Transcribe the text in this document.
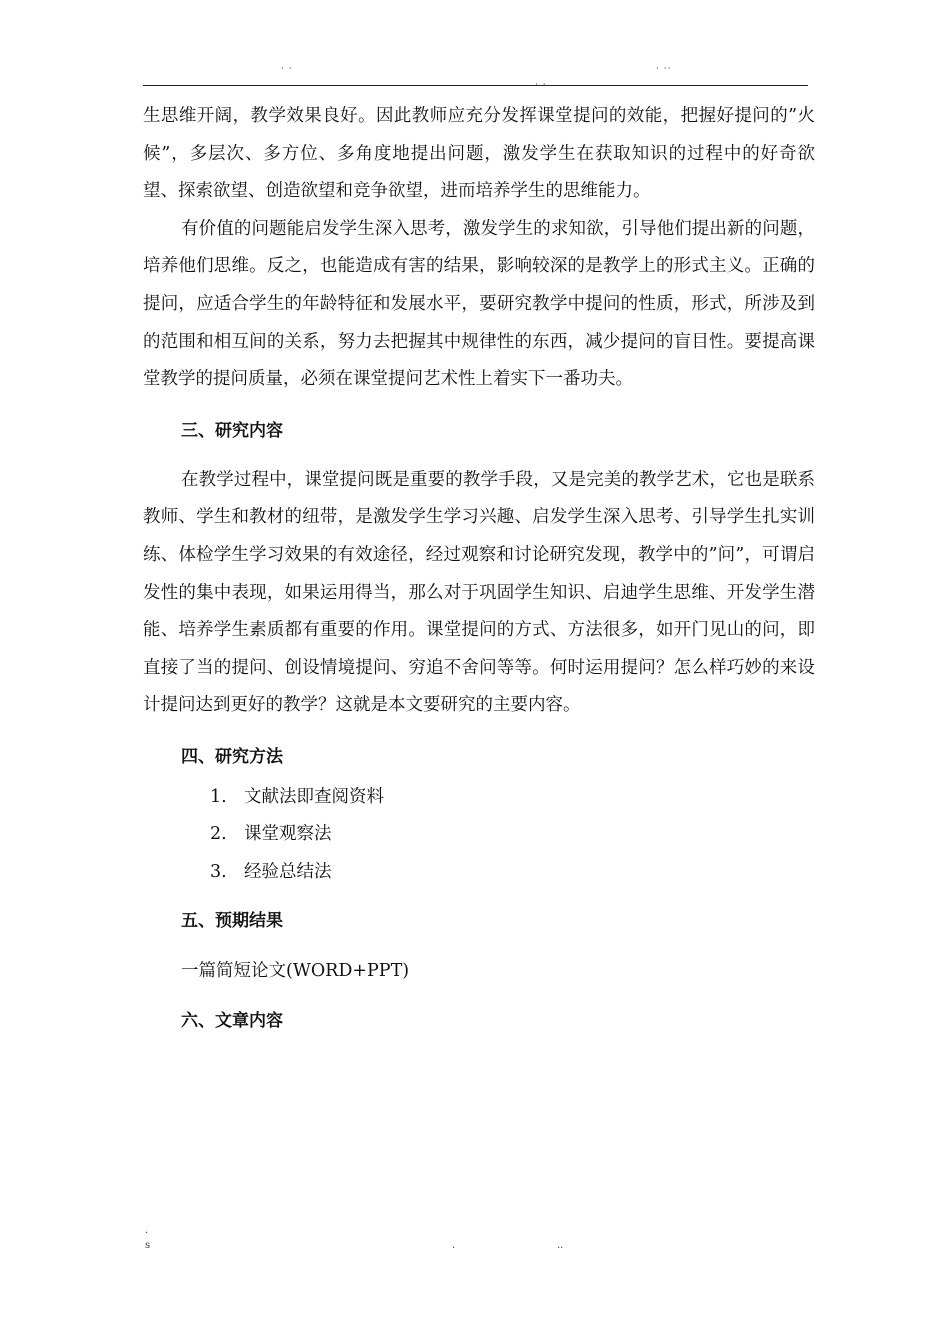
· ·
· ·
· ··

生思维开阔，教学效果良好。因此教师应充分发挥课堂提问的效能，把握好提问的”火候”，多层次、多方位、多角度地提出问题，激发学生在获取知识的过程中的好奇欲望、探索欲望、创造欲望和竞争欲望，进而培养学生的思维能力。

有价值的问题能启发学生深入思考，激发学生的求知欲，引导他们提出新的问题，培养他们思维。反之，也能造成有害的结果，影响较深的是教学上的形式主义。正确的提问，应适合学生的年龄特征和发展水平，要研究教学中提问的性质，形式，所涉及到的范围和相互间的关系，努力去把握其中规律性的东西，减少提问的盲目性。要提高课堂教学的提问质量，必须在课堂提问艺术性上着实下一番功夫。

三、研究内容

在教学过程中，课堂提问既是重要的教学手段，又是完美的教学艺术，它也是联系教师、学生和教材的纽带，是激发学生学习兴趣、启发学生深入思考、引导学生扎实训练、体检学生学习效果的有效途径，经过观察和讨论研究发现，教学中的”问”，可谓启发性的集中表现，如果运用得当，那么对于巩固学生知识、启迪学生思维、开发学生潜能、培养学生素质都有重要的作用。课堂提问的方式、方法很多，如开门见山的问，即直接了当的提问、创设情境提问、穷追不舍问等等。何时运用提问？怎么样巧妙的来设计提问达到更好的教学？这就是本文要研究的主要内容。

四、研究方法
1. 文献法即查阅资料
2. 课堂观察法
3. 经验总结法
五、预期结果

一篇简短论文(WORD+PPT)

六、文章内容
.
s	.	..
